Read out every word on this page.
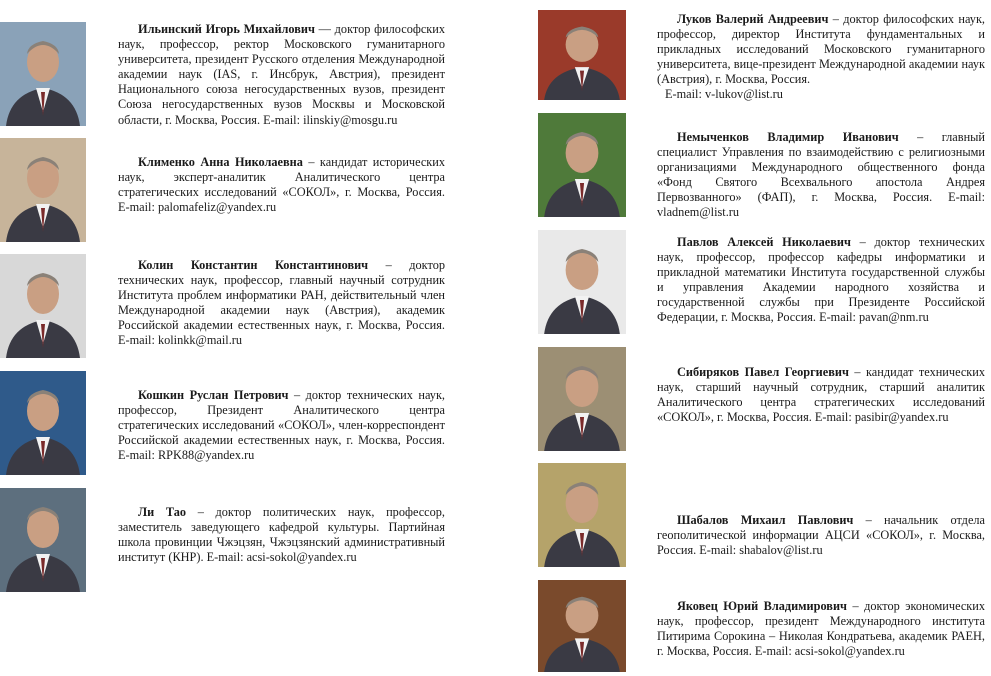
Ильинский Игорь Михайлович — доктор философских наук, профессор, ректор Московского гуманитарного университета, президент Русского отделения Международной академии наук (IAS, г. Инсбрук, Австрия), президент Национального союза негосударственных вузов, президент Союза негосударственных вузов Москвы и Московской области, г. Москва, Россия. E-mail: ilinskiy@mosgu.ru
Клименко Анна Николаевна – кандидат исторических наук, эксперт-аналитик Аналитического центра стратегических исследований «СОКОЛ», г. Москва, Россия. E-mail: palomafeliz@yandex.ru
Колин Константин Константинович – доктор технических наук, профессор, главный научный сотрудник Института проблем информатики РАН, действительный член Международной академии наук (Австрия), академик Российской академии естественных наук, г. Москва, Россия. E-mail: kolinkk@mail.ru
Кошкин Руслан Петрович – доктор технических наук, профессор, Президент Аналитического центра стратегических исследований «СОКОЛ», член-корреспондент Российской академии естественных наук, г. Москва, Россия. E-mail: RPK88@yandex.ru
Ли Тао – доктор политических наук, профессор, заместитель заведующего кафедрой культуры. Партийная школа провинции Чжэцзян, Чжэцзянский административный институт (КНР). E-mail: acsi-sokol@yandex.ru
Луков Валерий Андреевич – доктор философских наук, профессор, директор Института фундаментальных и прикладных исследований Московского гуманитарного университета, вице-президент Международной академии наук (Австрия), г. Москва, Россия.
E-mail: v-lukov@list.ru
Немыченков Владимир Иванович – главный специалист Управления по взаимодействию с религиозными организациями Международного общественного фонда «Фонд Святого Всехвального апостола Андрея Первозванного» (ФАП), г. Москва, Россия. E-mail: vladnem@list.ru
Павлов Алексей Николаевич – доктор технических наук, профессор, профессор кафедры информатики и прикладной математики Института государственной службы и управления Академии народного хозяйства и государственной службы при Президенте Российской Федерации, г. Москва, Россия. E-mail: pavan@nm.ru
Сибиряков Павел Георгиевич – кандидат технических наук, старший научный сотрудник, старший аналитик Аналитического центра стратегических исследований «СОКОЛ», г. Москва, Россия. E-mail: pasibir@yandex.ru
Шабалов Михаил Павлович – начальник отдела геополитической информации АЦСИ «СОКОЛ», г. Москва, Россия. E-mail: shabalov@list.ru
Яковец Юрий Владимирович – доктор экономических наук, профессор, президент Международного института Питирима Сорокина – Николая Кондратьева, академик РАЕН, г. Москва, Россия. E-mail: acsi-sokol@yandex.ru
